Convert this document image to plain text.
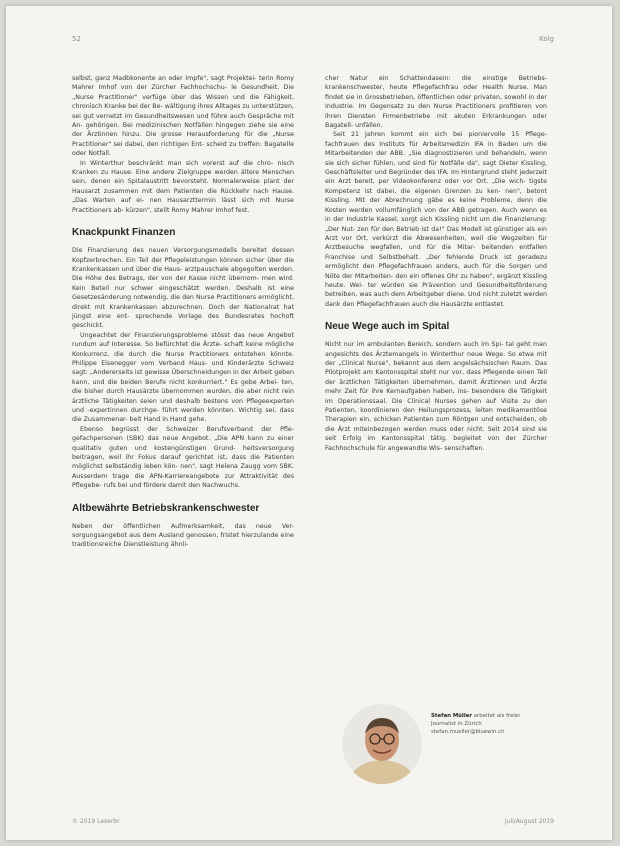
52	Kolg

selbst, ganz Madbkonente an oder Impfe", sagt Projektei- terin Romy Mahrer Imhof von der Zürcher Fachhochschu- le Gesundheit. Die „Nurse Practitioner" verfüge über das Wissen und die Fähigkeit, chronisch Kranke bei der Be- wältigung ihres Alltages zu unterstützen, sei gut vernetzt im Gesundheitswesen und führe auch Gespräche mit An- gehörigen. Bei medizinischen Notfällen hingegen ziehe sie eine der Ärztinnen hinzu. Die grosse Herausforderung für die „Nurse Practitioner" sei dabei, den richtigen Ent- scheid zu treffen: Bagatelle oder Notfall.

In Winterthur beschränkt man sich vorerst auf die chro- nisch Kranken zu Hause. Eine andere Zielgruppe werden ältere Menschen sein, denen ein Spitalaustritt bevorsteht. Normalerweise plant der Hausarzt zusammen mit dem Patienten die Rückkehr nach Hause. „Das Warten auf ei- nen Hausarzttermin lässt sich mit Nurse Practitioners ab- kürzen", stellt Romy Mahrer Imhof fest.

Knackpunkt Finanzen

Die Finanzierung des neuen Versorgungsmodells bereitet dessen Kopfzerbrechen. Ein Teil der Pflegeleistungen können sicher über die Krankenkassen und über die Haus- arztpauschale abgegolten werden. Die Höhe des Betrags, der von der Kasse nicht übernom- men wird. Kein Beteil nur schwer eingeschätzt werden. Deshalb ist eine Gesetzesänderung notwendig, die den Nurse Practitioners ermöglicht, direkt mit Krankenkassen abzurechnen. Doch der Nationalrat hat jüngst eine ent- sprechende Vorlage des Bundesrates hochoft geschickt.

Ungeachtet der Finanzierungsprobleme stösst das neue Angebot rundum auf Interesse. So befürchtet die Ärzte- schaft keine mögliche Konkurrenz, die durch die Nurse Practitioners entstehen könnte. Philippe Eisenegger vom Verband Haus- und Kinderärzte Schweiz sagt: „Andererseits ist gewisse Überschneidungen in der Arbeit geben kann, und die beiden Berufe nicht konkurriert." Es gebe Arbei- ten, die bisher durch Hausärzte übernommen wurden, die aber nicht rein ärztliche Tätigkeiten seien und deshalb bestens von Pflegeexperten und -expertinnen durchge- führt werden könnten. Wichtig sei, dass die Zusammenar- beit Hand in Hand gehe.

Ebenso begrüsst der Schweizer Berufsverband der Pfle- gefachpersonen (SBK) das neue Angebot. „Die APN kann zu einer qualitativ guten und kostengünstigen Grund- heitsversorgung beitragen, weil ihr Fokus darauf gerichtet ist, dass die Patienten möglichst selbständig leben kön- nen", sagt Helena Zaugg vom SBK. Ausserdem trage die APN-Karriereangebote zur Attraktivität des Pflegebe- rufs bei und fördere damit den Nachwuchs.

Altbewährte Betriebskrankenschwester

Neben der öffentlichen Aufmerksamkeit, das neue Ver- sorgungsangebot aus dem Ausland genossen, fristet hierzulande eine traditionsreiche Dienstleistung ähnli-

cher Natur ein Schattendasein: die einstige Betriebs- krankenschwester, heute Pflegefachfrau oder Health Nurse. Man findet sie in Grossbetrieben, öffentlichen oder privaten, sowohl in der Industrie. Im Gegensatz zu den Nurse Practitioners profitieren von ihren Diensten Firmenbetriebe mit akuten Erkrankungen oder Bagatell- unfällen.

Seit 21 Jahren kommt ein sich bei pioniervolle 15 Pflege- fachfrauen des Instituts für Arbeitsmedizin IFA in Baden um die Mitarbeitenden der ABB. „Sie diagnostizieren und behandeln, wenn sie sich sicher fühlen, und sind für Notfälle da", sagt Dieter Kissling, Geschäftsleiter und Begründer des IFA. Im Hintergrund steht jederzeit ein Arzt bereit, per Videokonferenz oder vor Ort. „Die wich- tigste Kompetenz ist dabei, die eigenen Grenzen zu ken- nen", betont Kissling. Mit der Abrechnung gäbe es keine Probleme, denn die Kosten werden vollumfänglich von der ABB getragen. Auch wenn es in der Industrie Kassel, sorgt sich Kissling nicht um die Finanzierung: „Der Nut- zen für den Betrieb ist da!" Das Modell ist günstiger als ein Arzt vor Ort, verkürzt die Abwesenheiten, weil die Wegzeiten für Arztbesuche wegfallen, und für die Mitar- beitenden entfallen Franchise und Selbstbehalt. „Der fehlende Druck ist geradezu ermöglicht den Pflegefachfrauen anders, auch für die Sorgen und Nöte der Mitarbeiten- den ein offenes Ohr zu haben", ergänzt Kissling heute. Wei- ter würden sie Prävention und Gesundheitsförderung betreiben, was auch dem Arbeitgeber diene. Und nicht zuletzt werden dank den Pflegefachfrauen auch die Hausärzte entlastet.

Neue Wege auch im Spital

Nicht nur im ambulanten Bereich, sondern auch im Spi- tal geht man angesichts des Ärztemangels in Winterthur neue Wege. So etwa mit der „Clinical Nurse", bekannt aus dem angelsächsischen Raum. Das Pilotprojekt am Kantonsspital steht nur vor, dass Pflegende einen Teil der ärztlichen Tätigkeiten übernehmen, damit Ärztinnen und Ärzte mehr Zeit für ihre Kernaufgaben haben, ins- besondere die Tätigkeit im Operationssaal. Die Clinical Nurses gehen auf Visite zu den Patienten, koordinieren den Heilungsprozess, leiten medikamentöse Therapien ein, schicken Patienten zum Röntgen und entscheiden, ob die Ärzt miteinbezogen werden muss oder nicht. Seit 2014 sind sie seit Erfolg im Kantonsspital tätig, begleitet von der Zürcher Fachhochschule für angewandte Wis- senschaften.

Stefan Müller arbeitet als freier
Journalist in Zürich
stefan.mueller@bluewin.ch
© 2019 Leserbr	Juli/August 2019
